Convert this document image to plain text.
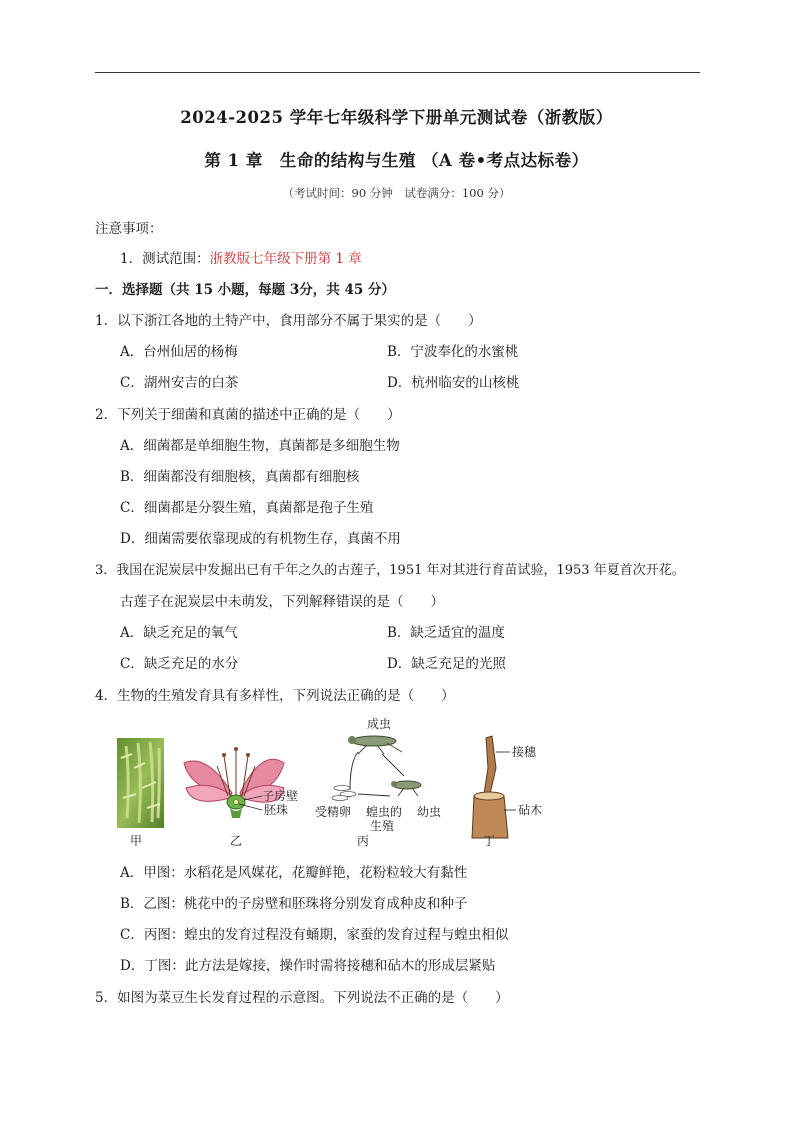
2024-2025 学年七年级科学下册单元测试卷（浙教版）
第 1 章　生命的结构与生殖 （A 卷•考点达标卷）
（考试时间：90 分钟　试卷满分：100 分）
注意事项：
1．测试范围：浙教版七年级下册第 1 章
一．选择题（共 15 小题，每题 3分，共 45 分）
1．以下浙江各地的土特产中，食用部分不属于果实的是（　　）
A．台州仙居的杨梅	B．宁波奉化的水蜜桃
C．湖州安吉的白茶	D．杭州临安的山核桃
2．下列关于细菌和真菌的描述中正确的是（　　）
A．细菌都是单细胞生物，真菌都是多细胞生物
B．细菌都没有细胞核，真菌都有细胞核
C．细菌都是分裂生殖，真菌都是孢子生殖
D．细菌需要依靠现成的有机物生存，真菌不用
3．我国在泥炭层中发掘出已有千年之久的古莲子，1951 年对其进行育苗试验，1953 年夏首次开花。
古莲子在泥炭层中未萌发，下列解释错误的是（　　）
A．缺乏充足的氧气	B．缺乏适宜的温度
C．缺乏充足的水分	D．缺乏充足的光照
4．生物的生殖发育具有多样性，下列说法正确的是（　　）
甲
子房壁
胚珠
乙
成虫
受精卵 蝗虫的
生殖
幼虫
丙
接穗
砧木
丁
A．甲图：水稻花是风媒花，花瓣鲜艳，花粉粒较大有黏性
B．乙图：桃花中的子房壁和胚珠将分别发育成种皮和种子
C．丙图：蝗虫的发育过程没有蛹期，家蚕的发育过程与蝗虫相似
D．丁图：此方法是嫁接，操作时需将接穗和砧木的形成层紧贴
5．如图为菜豆生长发育过程的示意图。下列说法不正确的是（　　）
